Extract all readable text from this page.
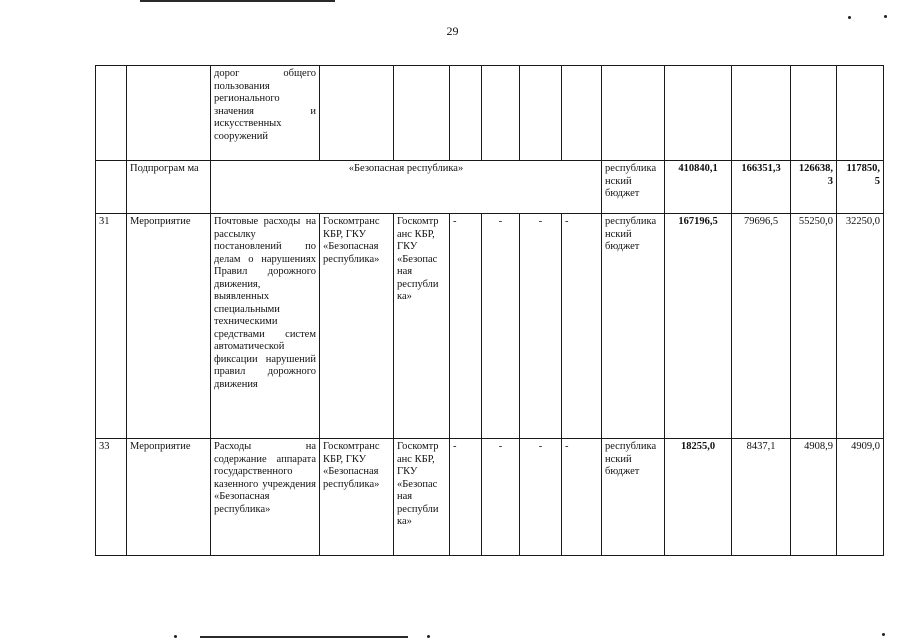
29
		дорог общего пользования регионального значения и искусственных сооружений											
	Подпрограм ма	«Безопасная республика»							республика нский бюджет	410840,1	166351,3	126638, 3	117850, 5
31	Мероприятие	Почтовые расходы на рассылку постановлений по делам о нарушениях Правил дорожного движения, выявленных специальными техническими средствами систем автоматической фиксации нарушений правил дорожного движения	Госкомтранс КБР, ГКУ «Безопасная республика»	Госкомтр анс КБР, ГКУ «Безопас ная республи ка»	-	-	-	-	республика нский бюджет	167196,5	79696,5	55250,0	32250,0
33	Мероприятие	Расходы на содержание аппарата государственного казенного учреждения «Безопасная республика»	Госкомтранс КБР, ГКУ «Безопасная республика»	Госкомтр анс КБР, ГКУ «Безопас ная республи ка»	-	-	-	-	республика нский бюджет	18255,0	8437,1	4908,9	4909,0
